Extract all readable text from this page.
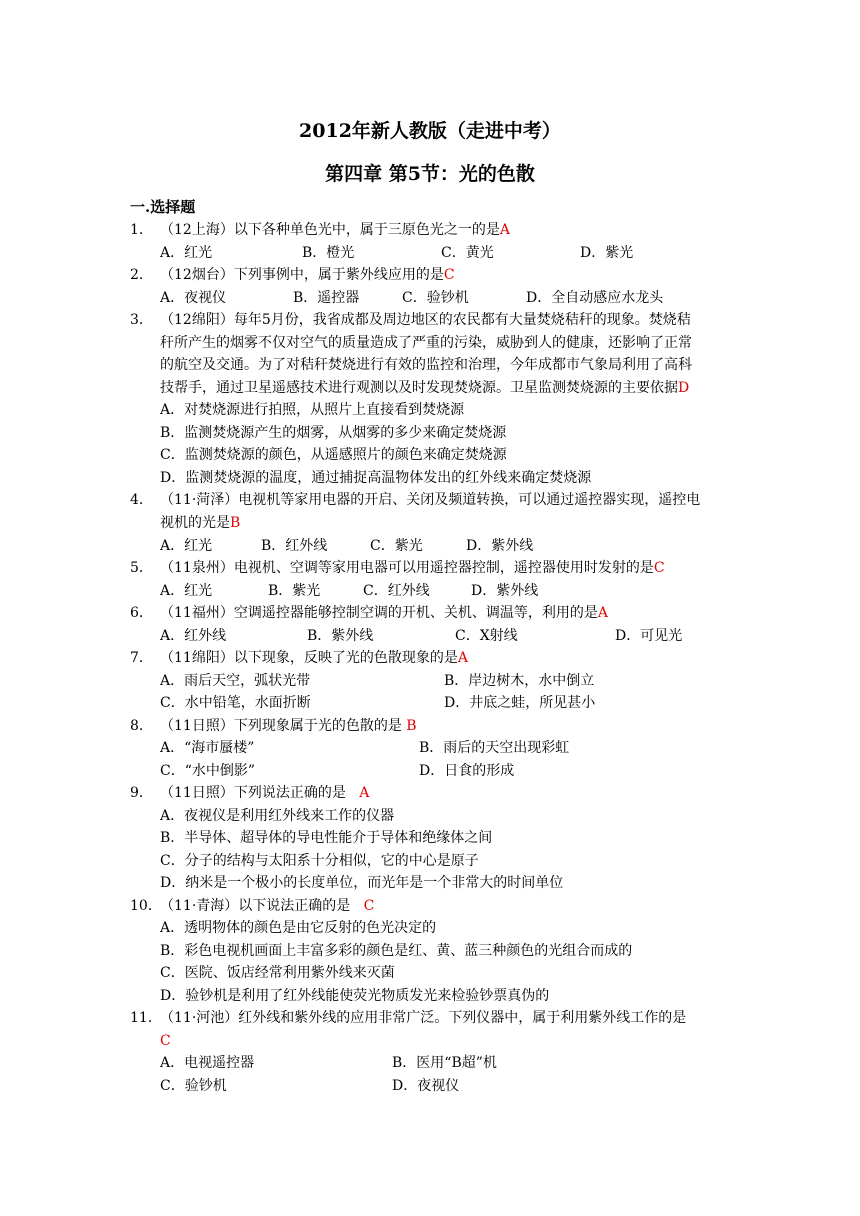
2012年新人教版（走进中考）
第四章 第5节：光的色散
一.选择题
1． （12上海）以下各种单色光中，属于三原色光之一的是A
A．红光	B．橙光	C．黄光	D．紫光
2． （12烟台）下列事例中，属于紫外线应用的是C
A．夜视仪	B．遥控器	C．验钞机	D．全自动感应水龙头
3． （12绵阳）每年5月份，我省成都及周边地区的农民都有大量焚烧秸秆的现象。焚烧秸
秆所产生的烟雾不仅对空气的质量造成了严重的污染，威胁到人的健康，还影响了正常
的航空及交通。为了对秸秆焚烧进行有效的监控和治理，今年成都市气象局利用了高科
技帮手，通过卫星遥感技术进行观测以及时发现焚烧源。卫星监测焚烧源的主要依据D
A．对焚烧源进行拍照，从照片上直接看到焚烧源
B．监测焚烧源产生的烟雾，从烟雾的多少来确定焚烧源
C．监测焚烧源的颜色，从遥感照片的颜色来确定焚烧源
D．监测焚烧源的温度，通过捕捉高温物体发出的红外线来确定焚烧源
4． （11·菏泽）电视机等家用电器的开启、关闭及频道转换，可以通过遥控器实现，遥控电
视机的光是B
A．红光	B．红外线	C．紫光	D．紫外线
5． （11泉州）电视机、空调等家用电器可以用遥控器控制，遥控器使用时发射的是C
A．红光	B．紫光	C．红外线	D．紫外线
6． （11福州）空调遥控器能够控制空调的开机、关机、调温等，利用的是A
A．红外线	B．紫外线	C．X射线	D．可见光
7． （11绵阳）以下现象，反映了光的色散现象的是A
A．雨后天空，弧状光带	B．岸边树木，水中倒立
C．水中铅笔，水面折断	D．井底之蛙，所见甚小
8． （11日照）下列现象属于光的色散的是 B
A．“海市蜃楼”	B．雨后的天空出现彩虹
C．“水中倒影”	D．日食的形成
9． （11日照）下列说法正确的是 A
A．夜视仪是利用红外线来工作的仪器
B．半导体、超导体的导电性能介于导体和绝缘体之间
C．分子的结构与太阳系十分相似，它的中心是原子
D．纳米是一个极小的长度单位，而光年是一个非常大的时间单位
10．
（11·青海）以下说法正确的是 C
A．透明物体的颜色是由它反射的色光决定的
B．彩色电视机画面上丰富多彩的颜色是红、黄、蓝三种颜色的光组合而成的
C．医院、饭店经常利用紫外线来灭菌
D．验钞机是利用了红外线能使荧光物质发光来检验钞票真伪的
11．
（11·河池）红外线和紫外线的应用非常广泛。下列仪器中，属于利用紫外线工作的是
C
A．电视遥控器	B．医用“B超”机
C．验钞机	D．夜视仪
